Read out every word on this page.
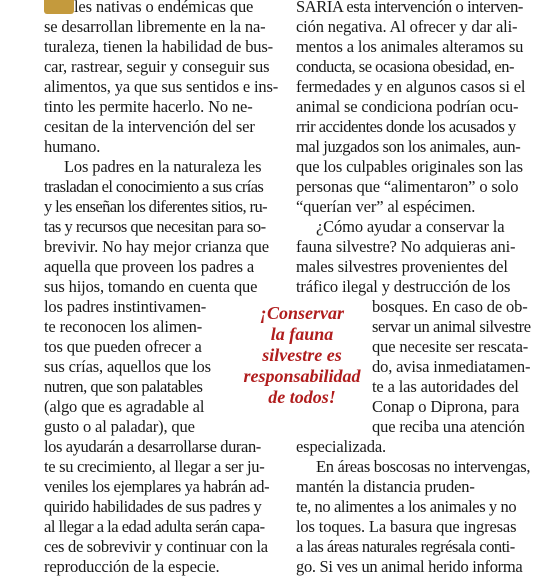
les nativas o endémicas que
se desarrollan libremente en la na-
turaleza, tienen la habilidad de bus-
car, rastrear, seguir y conseguir sus
alimentos, ya que sus sentidos e ins-
tinto les permite hacerlo. No ne-
cesitan de la intervención del ser
humano.
Los padres en la naturaleza les
trasladan el conocimiento a sus crías
y les enseñan los diferentes sitios, ru-
tas y recursos que necesitan para so-
brevivir. No hay mejor crianza que
aquella que proveen los padres a
sus hijos, tomando en cuenta que
los padres instintivamen-
te reconocen los alimen-
tos que pueden ofrecer a
sus crías, aquellos que los
nutren, que son palatables
(algo que es agradable al
gusto o al paladar), que
los ayudarán a desarrollarse duran-
te su crecimiento, al llegar a ser ju-
veniles los ejemplares ya habrán ad-
quirido habilidades de sus padres y
al llegar a la edad adulta serán capa-
ces de sobrevivir y continuar con la
reproducción de la especie.
¡Conservar
la fauna
silvestre es
responsabilidad
de todos!
SARIA esta intervención o interven-
ción negativa. Al ofrecer y dar ali-
mentos a los animales alteramos su
conducta, se ocasiona obesidad, en-
fermedades y en algunos casos si el
animal se condiciona podrían ocu-
rrir accidentes donde los acusados y
mal juzgados son los animales, aun-
que los culpables originales son las
personas que “alimentaron” o solo
“querían ver” al espécimen.
¿Cómo ayudar a conservar la
fauna silvestre? No adquieras ani-
males silvestres provenientes del
tráfico ilegal y destrucción de los
bosques. En caso de ob-
servar un animal silvestre
que necesite ser rescata-
do, avisa inmediatamen-
te a las autoridades del
Conap o Diprona, para
que reciba una atención
especializada.
En áreas boscosas no intervengas,
mantén la distancia pruden-
te, no alimentes a los animales y no
los toques. La basura que ingresas
a las áreas naturales regrésala conti-
go. Si ves un animal herido informa
